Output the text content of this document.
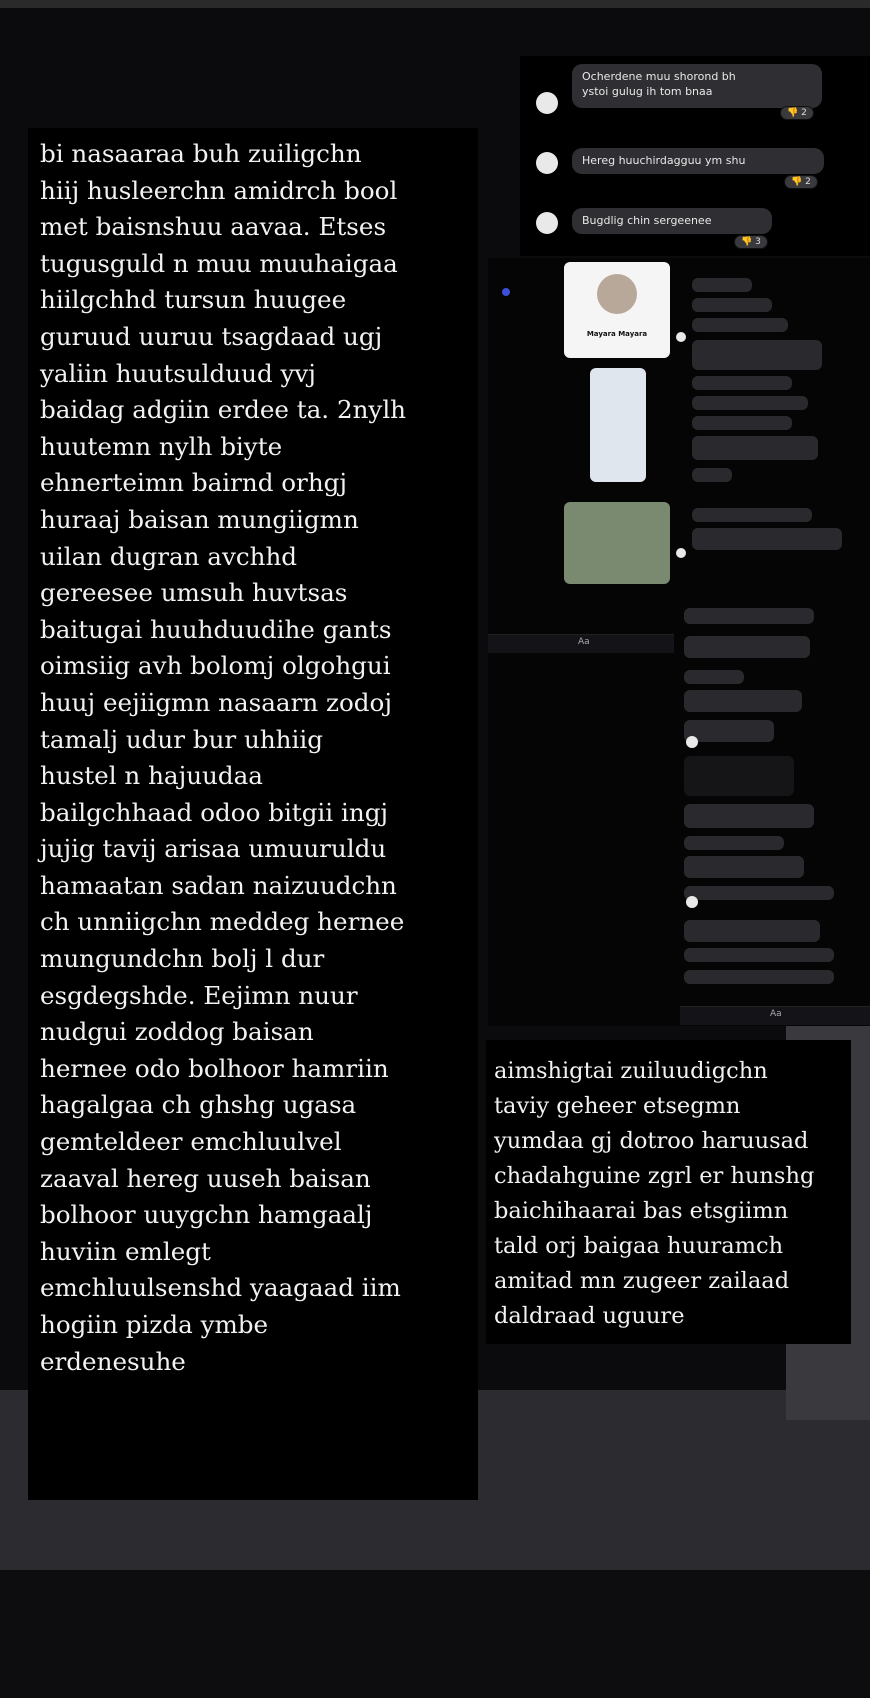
bi nasaaraa buh zuiligchn
hiij husleerchn amidrch bool
met baisnshuu aavaa. Etses
tugusguld n muu muuhaigaa
hiilgchhd tursun huugee
guruud uuruu tsagdaad ugj
yaliin huutsulduud yvj
baidag adgiin erdee ta. 2nylh
huutemn nylh biyte
ehnerteimn bairnd orhgj
huraaj baisan mungiigmn
uilan dugran avchhd
gereesee umsuh huvtsas
baitugai huuhduudihe gants
oimsiig avh bolomj olgohgui
huuj eejiigmn nasaarn zodoj
tamalj udur bur uhhiig
hustel n hajuudaa
bailgchhaad odoo bitgii ingj
jujig tavij arisaa umuuruldu
hamaatan sadan naizuudchn
ch unniigchn meddeg hernee
mungundchn bolj l dur
esgdegshde. Eejimn nuur
nudgui zoddog baisan
hernee odo bolhoor hamriin
hagalgaa ch ghshg ugasa
gemteldeer emchluulvel
zaaval hereg uuseh baisan
bolhoor uuygchn hamgaalj
huviin emlegt
emchluulsenshd yaagaad iim
hogiin pizda ymbe
erdenesuhe
Ocherdene muu shorond bh
ystoi gulug ih tom bnaa
👎 2
Hereg huuchirdagguu ym shu
👎 2
Bugdlig chin sergeenee
👎 3
Mayara Mayara
Aa
Aa
aimshigtai zuiluudigchn
taviy geheer etsegmn
yumdaa gj dotroo haruusad
chadahguine zgrl er hunshg
baichihaarai bas etsgiimn
tald orj baigaa huuramch
amitad mn zugeer zailaad
daldraad uguure
